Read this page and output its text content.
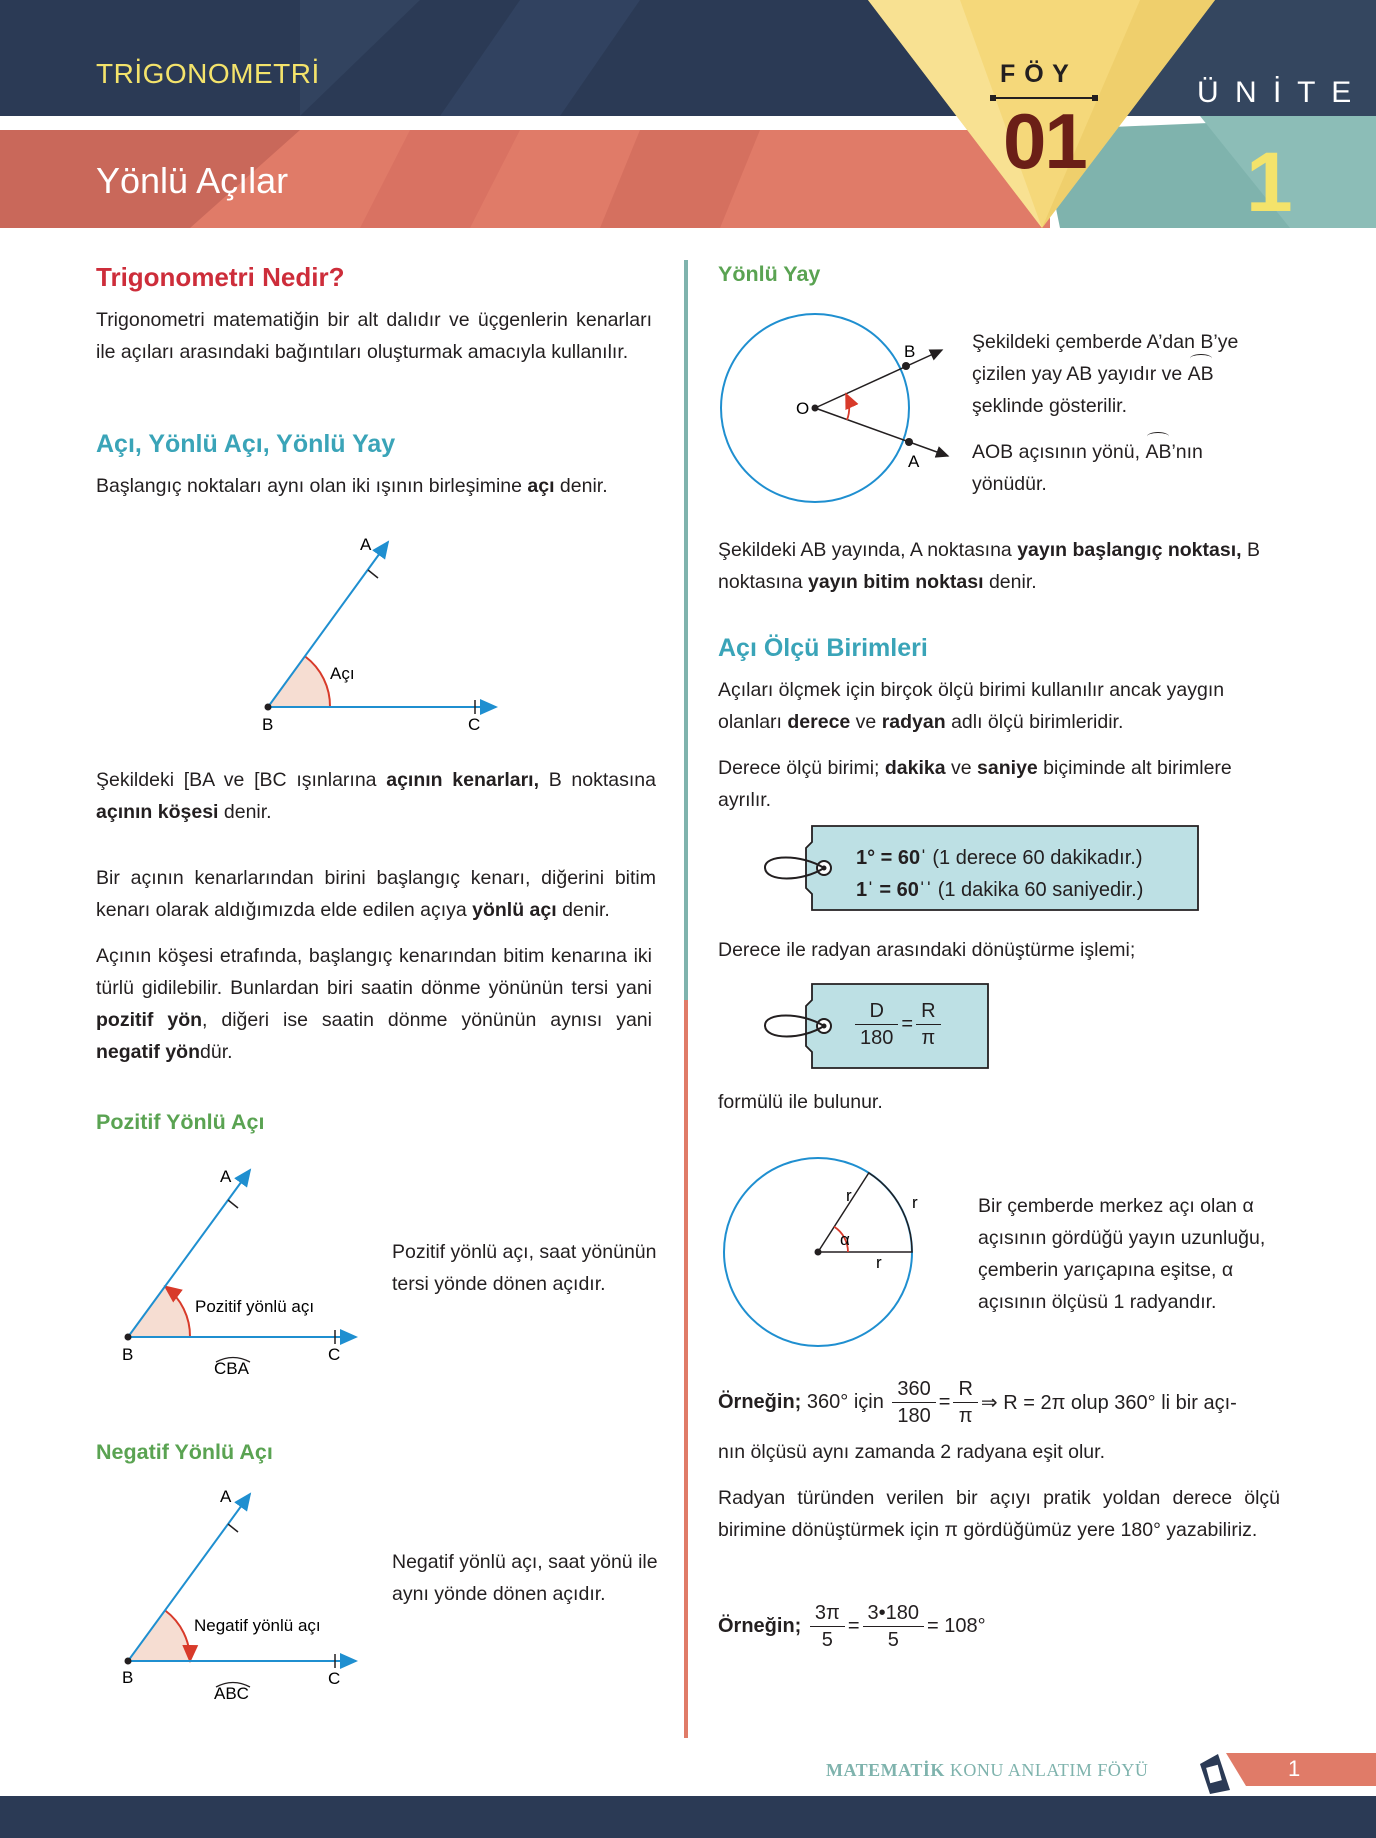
TRİGONOMETRİ
Yönlü Açılar
F Ö Y
01
Ü N İ T E
1
Trigonometri Nedir?
Trigonometri matematiğin bir alt dalıdır ve üçgenlerin kenarları ile açıları arasındaki bağıntıları oluşturmak amacıyla kullanılır.
Açı, Yönlü Açı, Yönlü Yay
Başlangıç noktaları aynı olan iki ışının birleşimine açı denir.
A
B	C
Açı
Şekildeki [BA ve [BC ışınlarına açının kenarları, B noktasına açının köşesi denir.
Bir açının kenarlarından birini başlangıç kenarı, diğerini bitim kenarı olarak aldığımızda elde edilen açıya yönlü açı denir.
Açının köşesi etrafında, başlangıç kenarından bitim kenarına iki türlü gidilebilir. Bunlardan biri saatin dönme yönünün tersi yani pozitif yön, diğeri ise saatin dönme yönünün aynısı yani negatif yöndür.
Pozitif Yönlü Açı
A
B	C
Pozitif yönlü açı
CBA
Pozitif yönlü açı, saat yönünün tersi yönde dönen açıdır.
Negatif Yönlü Açı
A
B	C
Negatif yönlü açı
ABC
Negatif yönlü açı, saat yönü ile aynı yönde dönen açıdır.
Yönlü Yay
O
B
A
Şekildeki çemberde A’dan B’ye çizilen yay AB yayıdır ve AB şeklinde gösterilir.
AOB açısının yönü, AB’nın yönüdür.
Şekildeki AB yayında, A noktasına yayın başlangıç noktası, B noktasına yayın bitim noktası denir.
Açı Ölçü Birimleri
Açıları ölçmek için birçok ölçü birimi kullanılır ancak yaygın olanları derece ve radyan adlı ölçü birimleridir.
Derece ölçü birimi; dakika ve saniye biçiminde alt birimlere ayrılır.
1° = 60ˈ (1 derece 60 dakikadır.)
1ˈ = 60ˈˈ (1 dakika 60 saniyedir.)
Derece ile radyan arasındaki dönüştürme işlemi;
$\frac{D}{180} = \frac{R}{\pi}$
formülü ile bulunur.
r	r
r
α
Bir çemberde merkez açı olan α açısının gördüğü yayın uzunluğu, çemberin yarıçapına eşitse, α açısının ölçüsü 1 radyandır.
Örneğin; 360° için $\frac{360}{180} = \frac{R}{\pi}$ ⇒ R = 2π olup 360° li bir açı-
nın ölçüsü aynı zamanda 2 radyana eşit olur.
Radyan türünden verilen bir açıyı pratik yoldan derece ölçü birimine dönüştürmek için π gördüğümüz yere 180° yazabiliriz.
Örneğin; $\frac{3\pi}{5} = \frac{3•180}{5} = 108^\circ$
MATEMATİK KONU ANLATIM FÖYÜ	1
